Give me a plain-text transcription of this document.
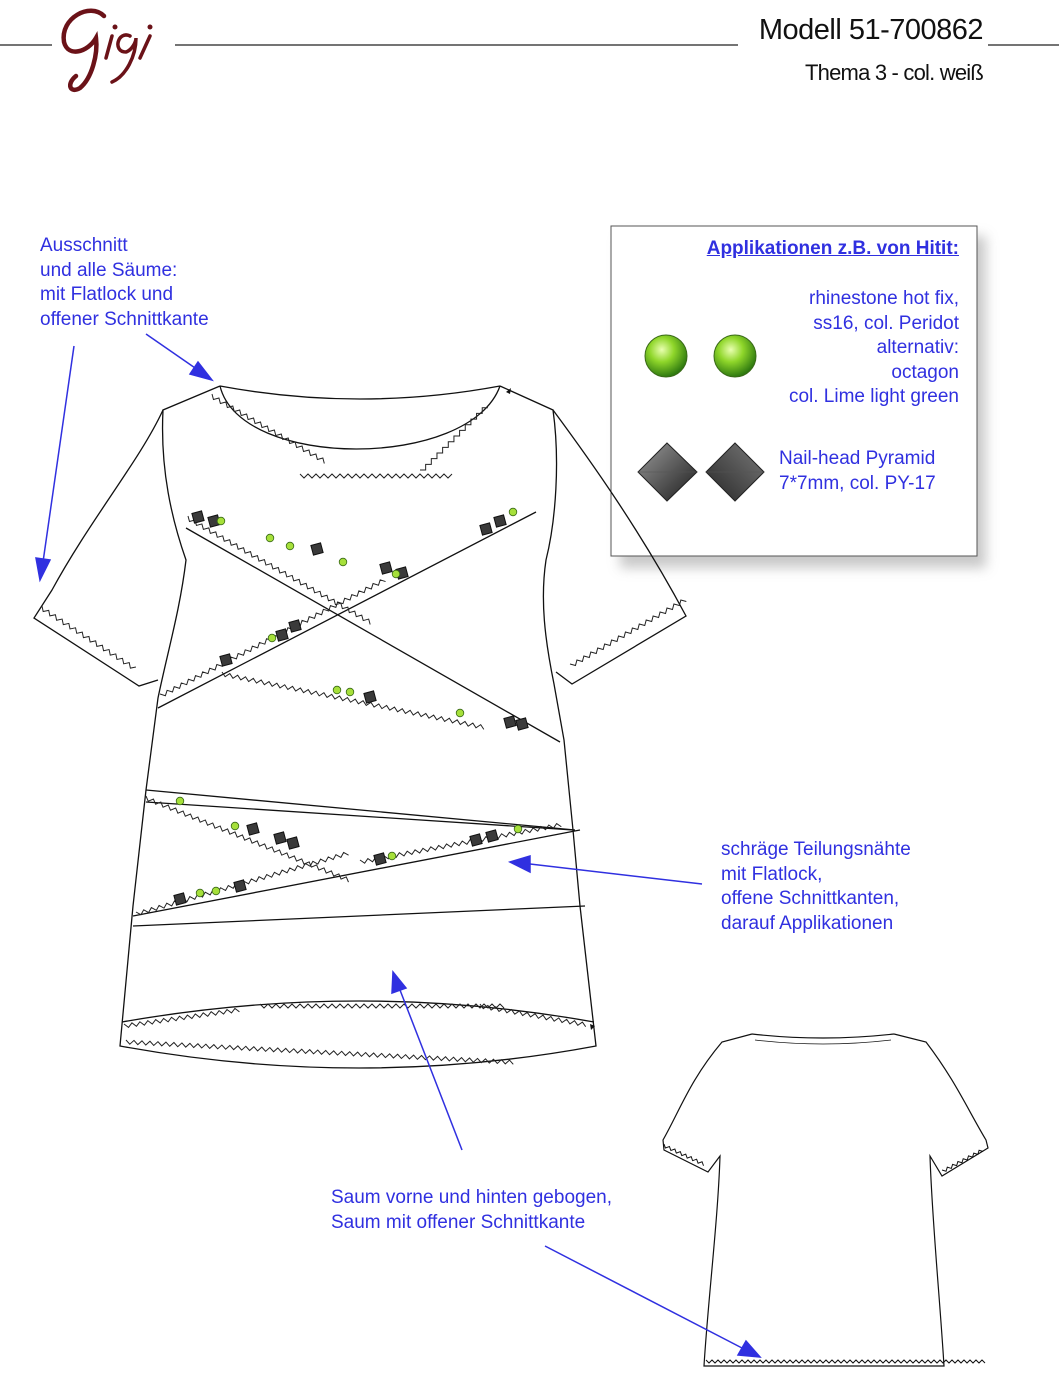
Modell 51-700862
Thema 3 - col. weiß
Applikationen z.B. von Hitit:
rhinestone hot fix,
ss16, col. Peridot
alternativ:
octagon
col. Lime light green
Nail-head Pyramid
7*7mm, col. PY-17
Ausschnitt
und alle Säume:
mit Flatlock und
offener Schnittkante
schräge Teilungsnähte
mit Flatlock,
offene Schnittkanten,
darauf Applikationen
Saum vorne und hinten gebogen,
Saum mit offener Schnittkante
